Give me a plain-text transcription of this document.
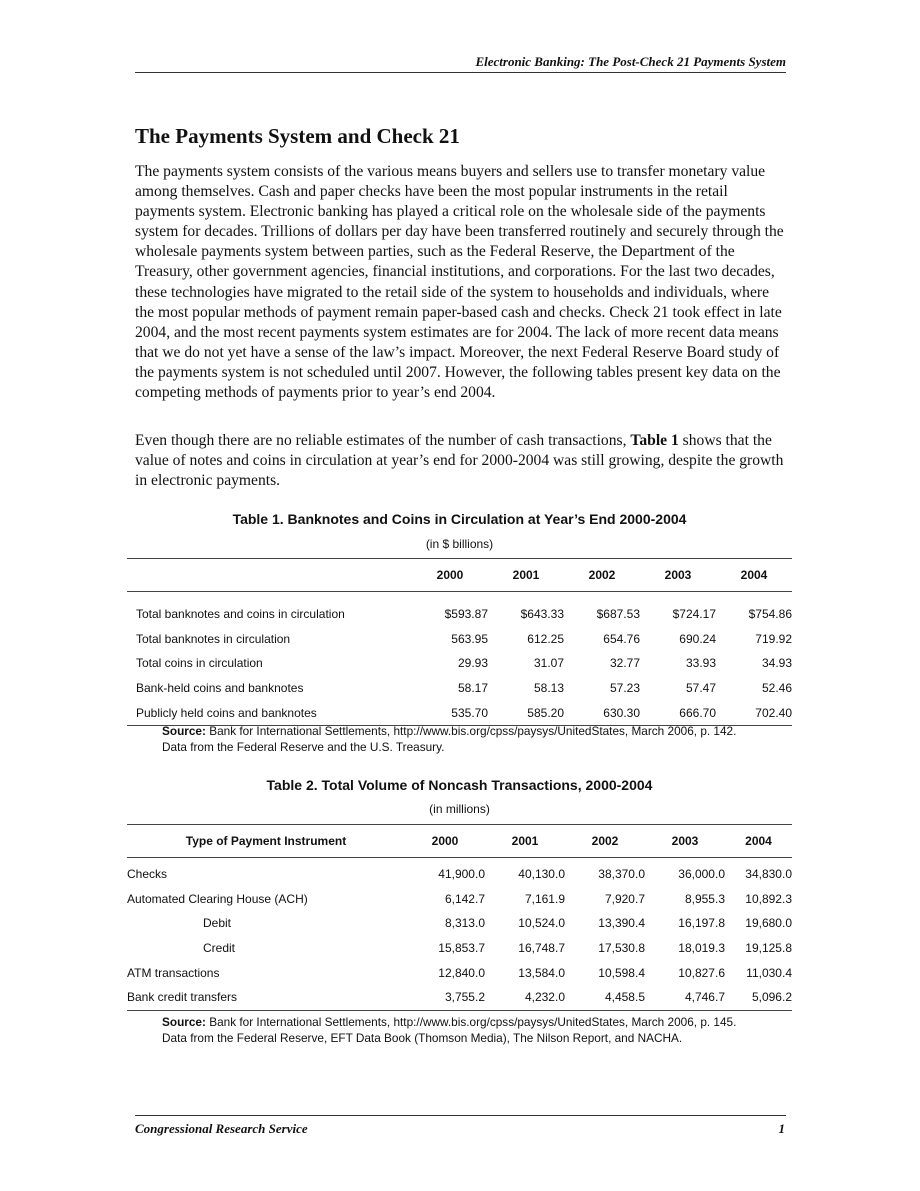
Electronic Banking: The Post-Check 21 Payments System
The Payments System and Check 21

The payments system consists of the various means buyers and sellers use to transfer monetary value among themselves. Cash and paper checks have been the most popular instruments in the retail payments system. Electronic banking has played a critical role on the wholesale side of the payments system for decades. Trillions of dollars per day have been transferred routinely and securely through the wholesale payments system between parties, such as the Federal Reserve, the Department of the Treasury, other government agencies, financial institutions, and corporations. For the last two decades, these technologies have migrated to the retail side of the system to households and individuals, where the most popular methods of payment remain paper-based cash and checks. Check 21 took effect in late 2004, and the most recent payments system estimates are for 2004. The lack of more recent data means that we do not yet have a sense of the law’s impact. Moreover, the next Federal Reserve Board study of the payments system is not scheduled until 2007. However, the following tables present key data on the competing methods of payments prior to year’s end 2004.

Even though there are no reliable estimates of the number of cash transactions, Table 1 shows that the value of notes and coins in circulation at year’s end for 2000-2004 was still growing, despite the growth in electronic payments.

Table 1. Banknotes and Coins in Circulation at Year’s End 2000-2004
(in $ billions)
	2000	2001	2002	2003	2004
Total banknotes and coins in circulation	$593.87	$643.33	$687.53	$724.17	$754.86
Total banknotes in circulation	563.95	612.25	654.76	690.24	719.92
Total coins in circulation	29.93	31.07	32.77	33.93	34.93
Bank-held coins and banknotes	58.17	58.13	57.23	57.47	52.46
Publicly held coins and banknotes	535.70	585.20	630.30	666.70	702.40
Source: Bank for International Settlements, http://www.bis.org/cpss/paysys/UnitedStates, March 2006, p. 142.
Data from the Federal Reserve and the U.S. Treasury.
Table 2. Total Volume of Noncash Transactions, 2000-2004
(in millions)
Type of Payment Instrument	2000	2001	2002	2003	2004
Checks	41,900.0	40,130.0	38,370.0	36,000.0	34,830.0
Automated Clearing House (ACH)	6,142.7	7,161.9	7,920.7	8,955.3	10,892.3
Debit	8,313.0	10,524.0	13,390.4	16,197.8	19,680.0
Credit	15,853.7	16,748.7	17,530.8	18,019.3	19,125.8
ATM transactions	12,840.0	13,584.0	10,598.4	10,827.6	11,030.4
Bank credit transfers	3,755.2	4,232.0	4,458.5	4,746.7	5,096.2
Source: Bank for International Settlements, http://www.bis.org/cpss/paysys/UnitedStates, March 2006, p. 145.
Data from the Federal Reserve, EFT Data Book (Thomson Media), The Nilson Report, and NACHA.
Congressional Research Service	1
